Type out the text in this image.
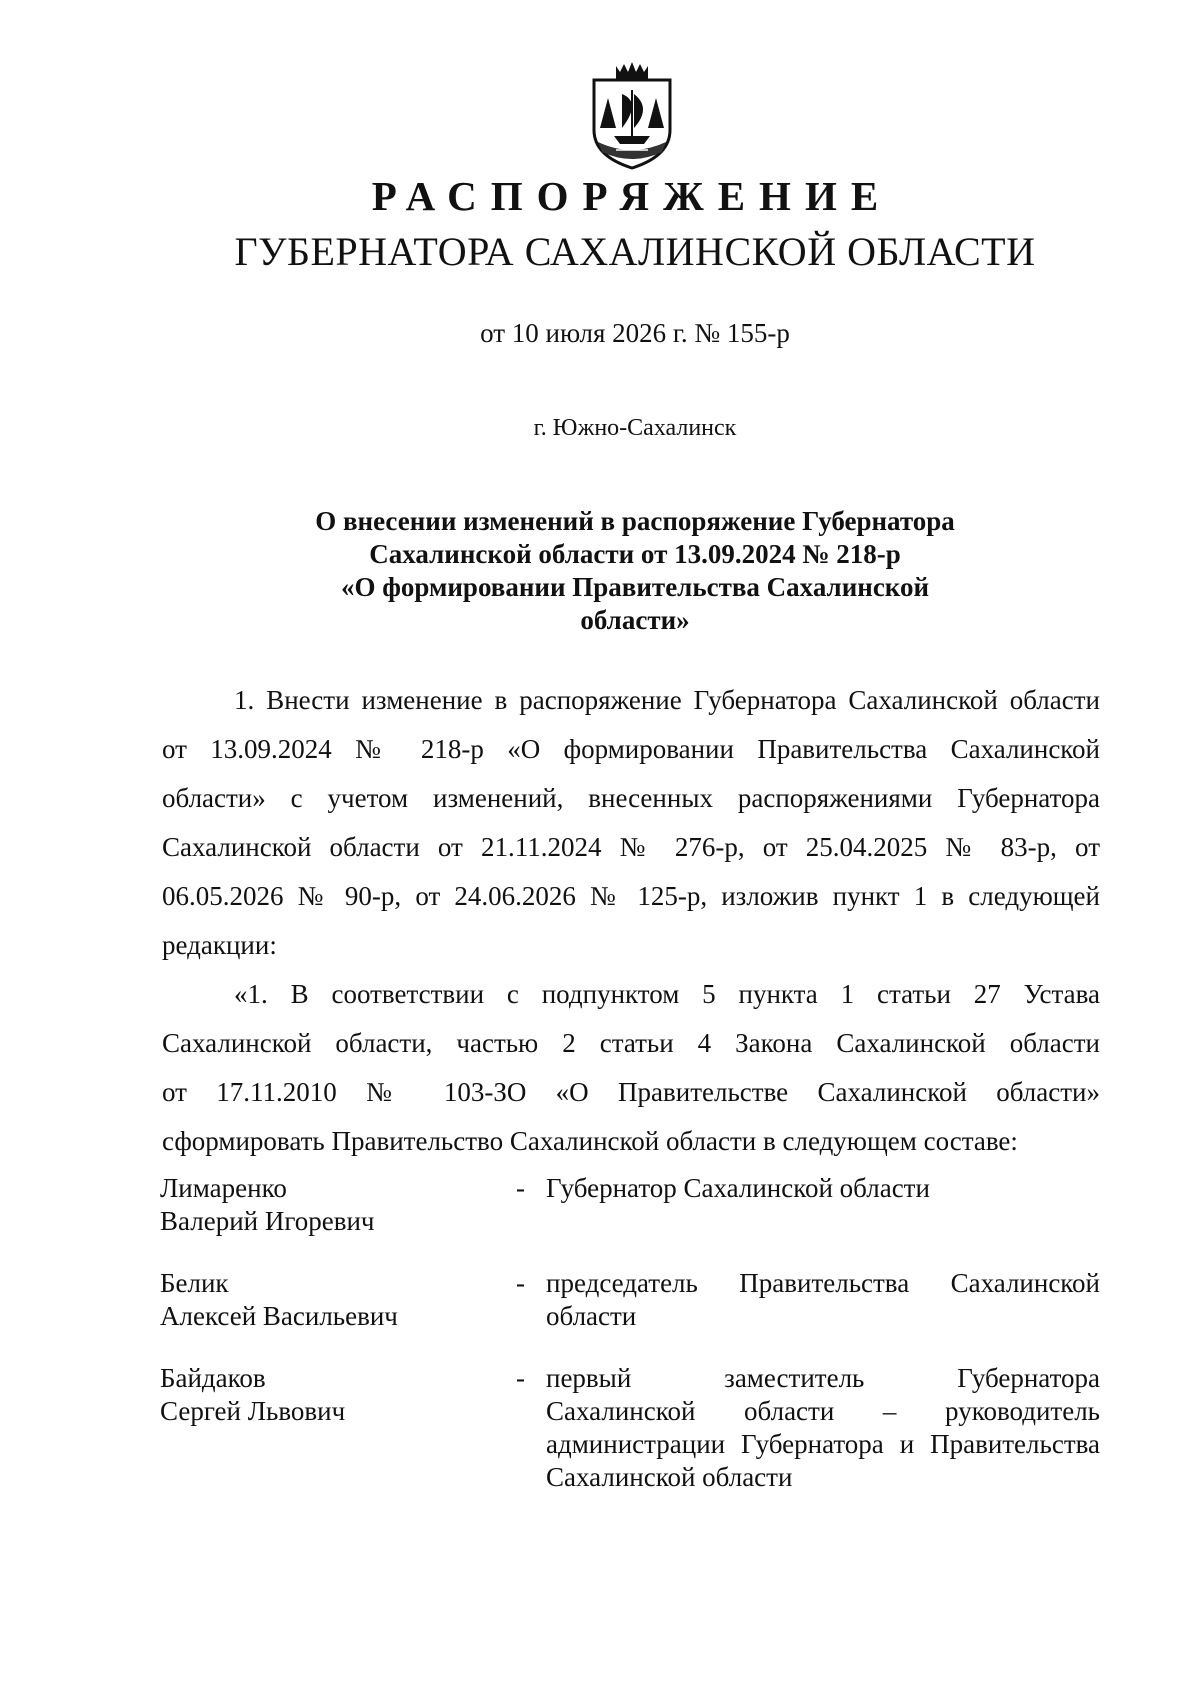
РАСПОРЯЖЕНИЕ
ГУБЕРНАТОРА САХАЛИНСКОЙ ОБЛАСТИ
от 10 июля 2026 г. № 155-р
г. Южно-Сахалинск
О внесении изменений в распоряжение Губернатора
Сахалинской области от 13.09.2024 № 218-р
«О формировании Правительства Сахалинской
области»
1. Внести изменение в распоряжение Губернатора Сахалинской области
от 13.09.2024 № 218-р «О формировании Правительства Сахалинской
области» с учетом изменений, внесенных распоряжениями Губернатора
Сахалинской области от 21.11.2024 № 276-р, от 25.04.2025 № 83-р, от
06.05.2026 № 90-р, от 24.06.2026 № 125-р, изложив пункт 1 в следующей
редакции:
«1. В соответствии с подпунктом 5 пункта 1 статьи 27 Устава
Сахалинской области, частью 2 статьи 4 Закона Сахалинской области
от 17.11.2010 № 103-ЗО «О Правительстве Сахалинской области»
сформировать Правительство Сахалинской области в следующем составе:
Лимаренко
Валерий Игоревич
- Губернатор Сахалинской области
Белик
Алексей Васильевич
- председатель Правительства Сахалинской
области
Байдаков
Сергей Львович
- первый заместитель Губернатора
Сахалинской области – руководитель
администрации Губернатора и Правительства
Сахалинской области
